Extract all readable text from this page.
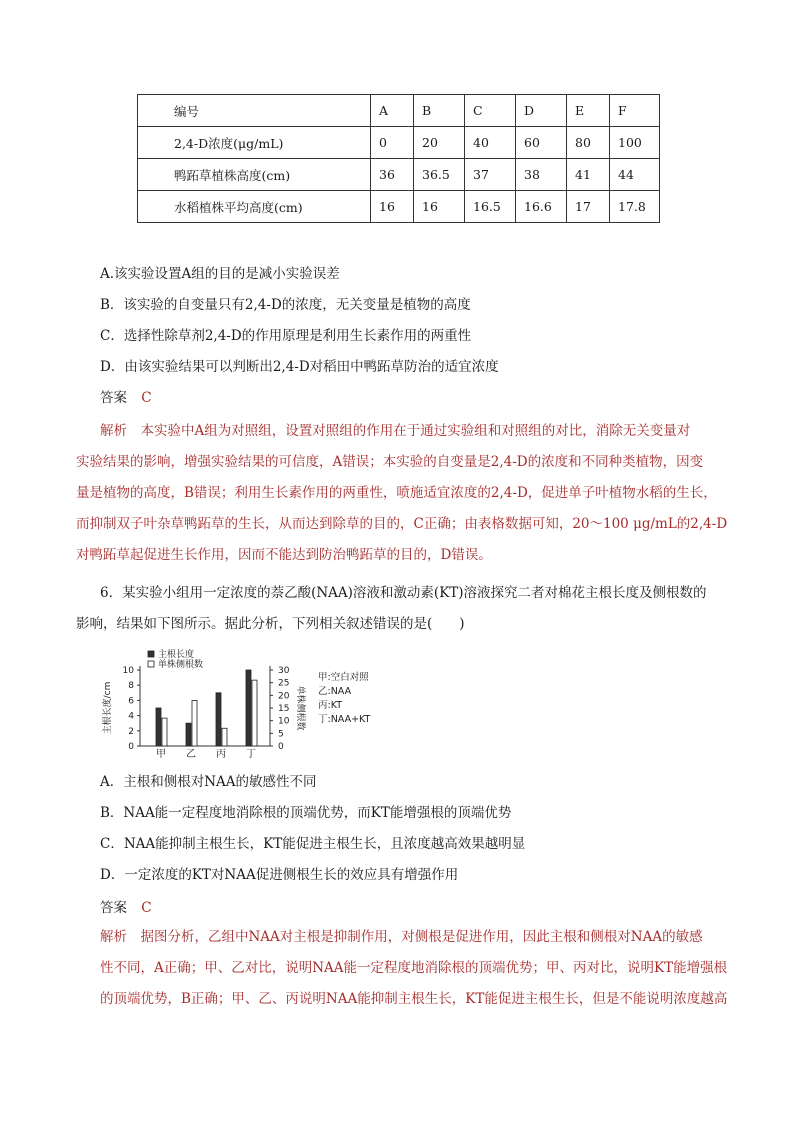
编号	A	B	C	D	E	F
2,4-D浓度(μg/mL)	0	20	40	60	80	100
鸭跖草植株高度(cm)	36	36.5	37	38	41	44
水稻植株平均高度(cm)	16	16	16.5	16.6	17	17.8
A.该实验设置A组的目的是减小实验误差
B．该实验的自变量只有2,4-D的浓度，无关变量是植物的高度
C．选择性除草剂2,4-D的作用原理是利用生长素作用的两重性
D．由该实验结果可以判断出2,4-D对稻田中鸭跖草防治的适宜浓度
答案 C
解析　本实验中A组为对照组，设置对照组的作用在于通过实验组和对照组的对比，消除无关变量对
实验结果的影响，增强实验结果的可信度，A错误；本实验的自变量是2,4-D的浓度和不同种类植物，因变
量是植物的高度，B错误；利用生长素作用的两重性，喷施适宜浓度的2,4-D，促进单子叶植物水稻的生长，
而抑制双子叶杂草鸭跖草的生长，从而达到除草的目的，C正确；由表格数据可知，20～100 μg/mL的2,4-D
对鸭跖草起促进生长作用，因而不能达到防治鸭跖草的目的，D错误。
6．某实验小组用一定浓度的萘乙酸(NAA)溶液和激动素(KT)溶液探究二者对棉花主根长度及侧根数的
影响，结果如下图所示。据此分析，下列相关叙述错误的是(　　)
0
2
4
6
8
10
0
5
10
15
20
25
30
主根长度/cm	单株侧根数
甲 乙 丙 丁
主根长度
单株侧根数
甲:空白对照
乙:NAA
丙:KT
丁:NAA+KT
A．主根和侧根对NAA的敏感性不同
B．NAA能一定程度地消除根的顶端优势，而KT能增强根的顶端优势
C．NAA能抑制主根生长，KT能促进主根生长，且浓度越高效果越明显
D．一定浓度的KT对NAA促进侧根生长的效应具有增强作用
答案 C
解析　据图分析，乙组中NAA对主根是抑制作用，对侧根是促进作用，因此主根和侧根对NAA的敏感
性不同，A正确；甲、乙对比，说明NAA能一定程度地消除根的顶端优势；甲、丙对比，说明KT能增强根
的顶端优势，B正确；甲、乙、丙说明NAA能抑制主根生长，KT能促进主根生长，但是不能说明浓度越高
